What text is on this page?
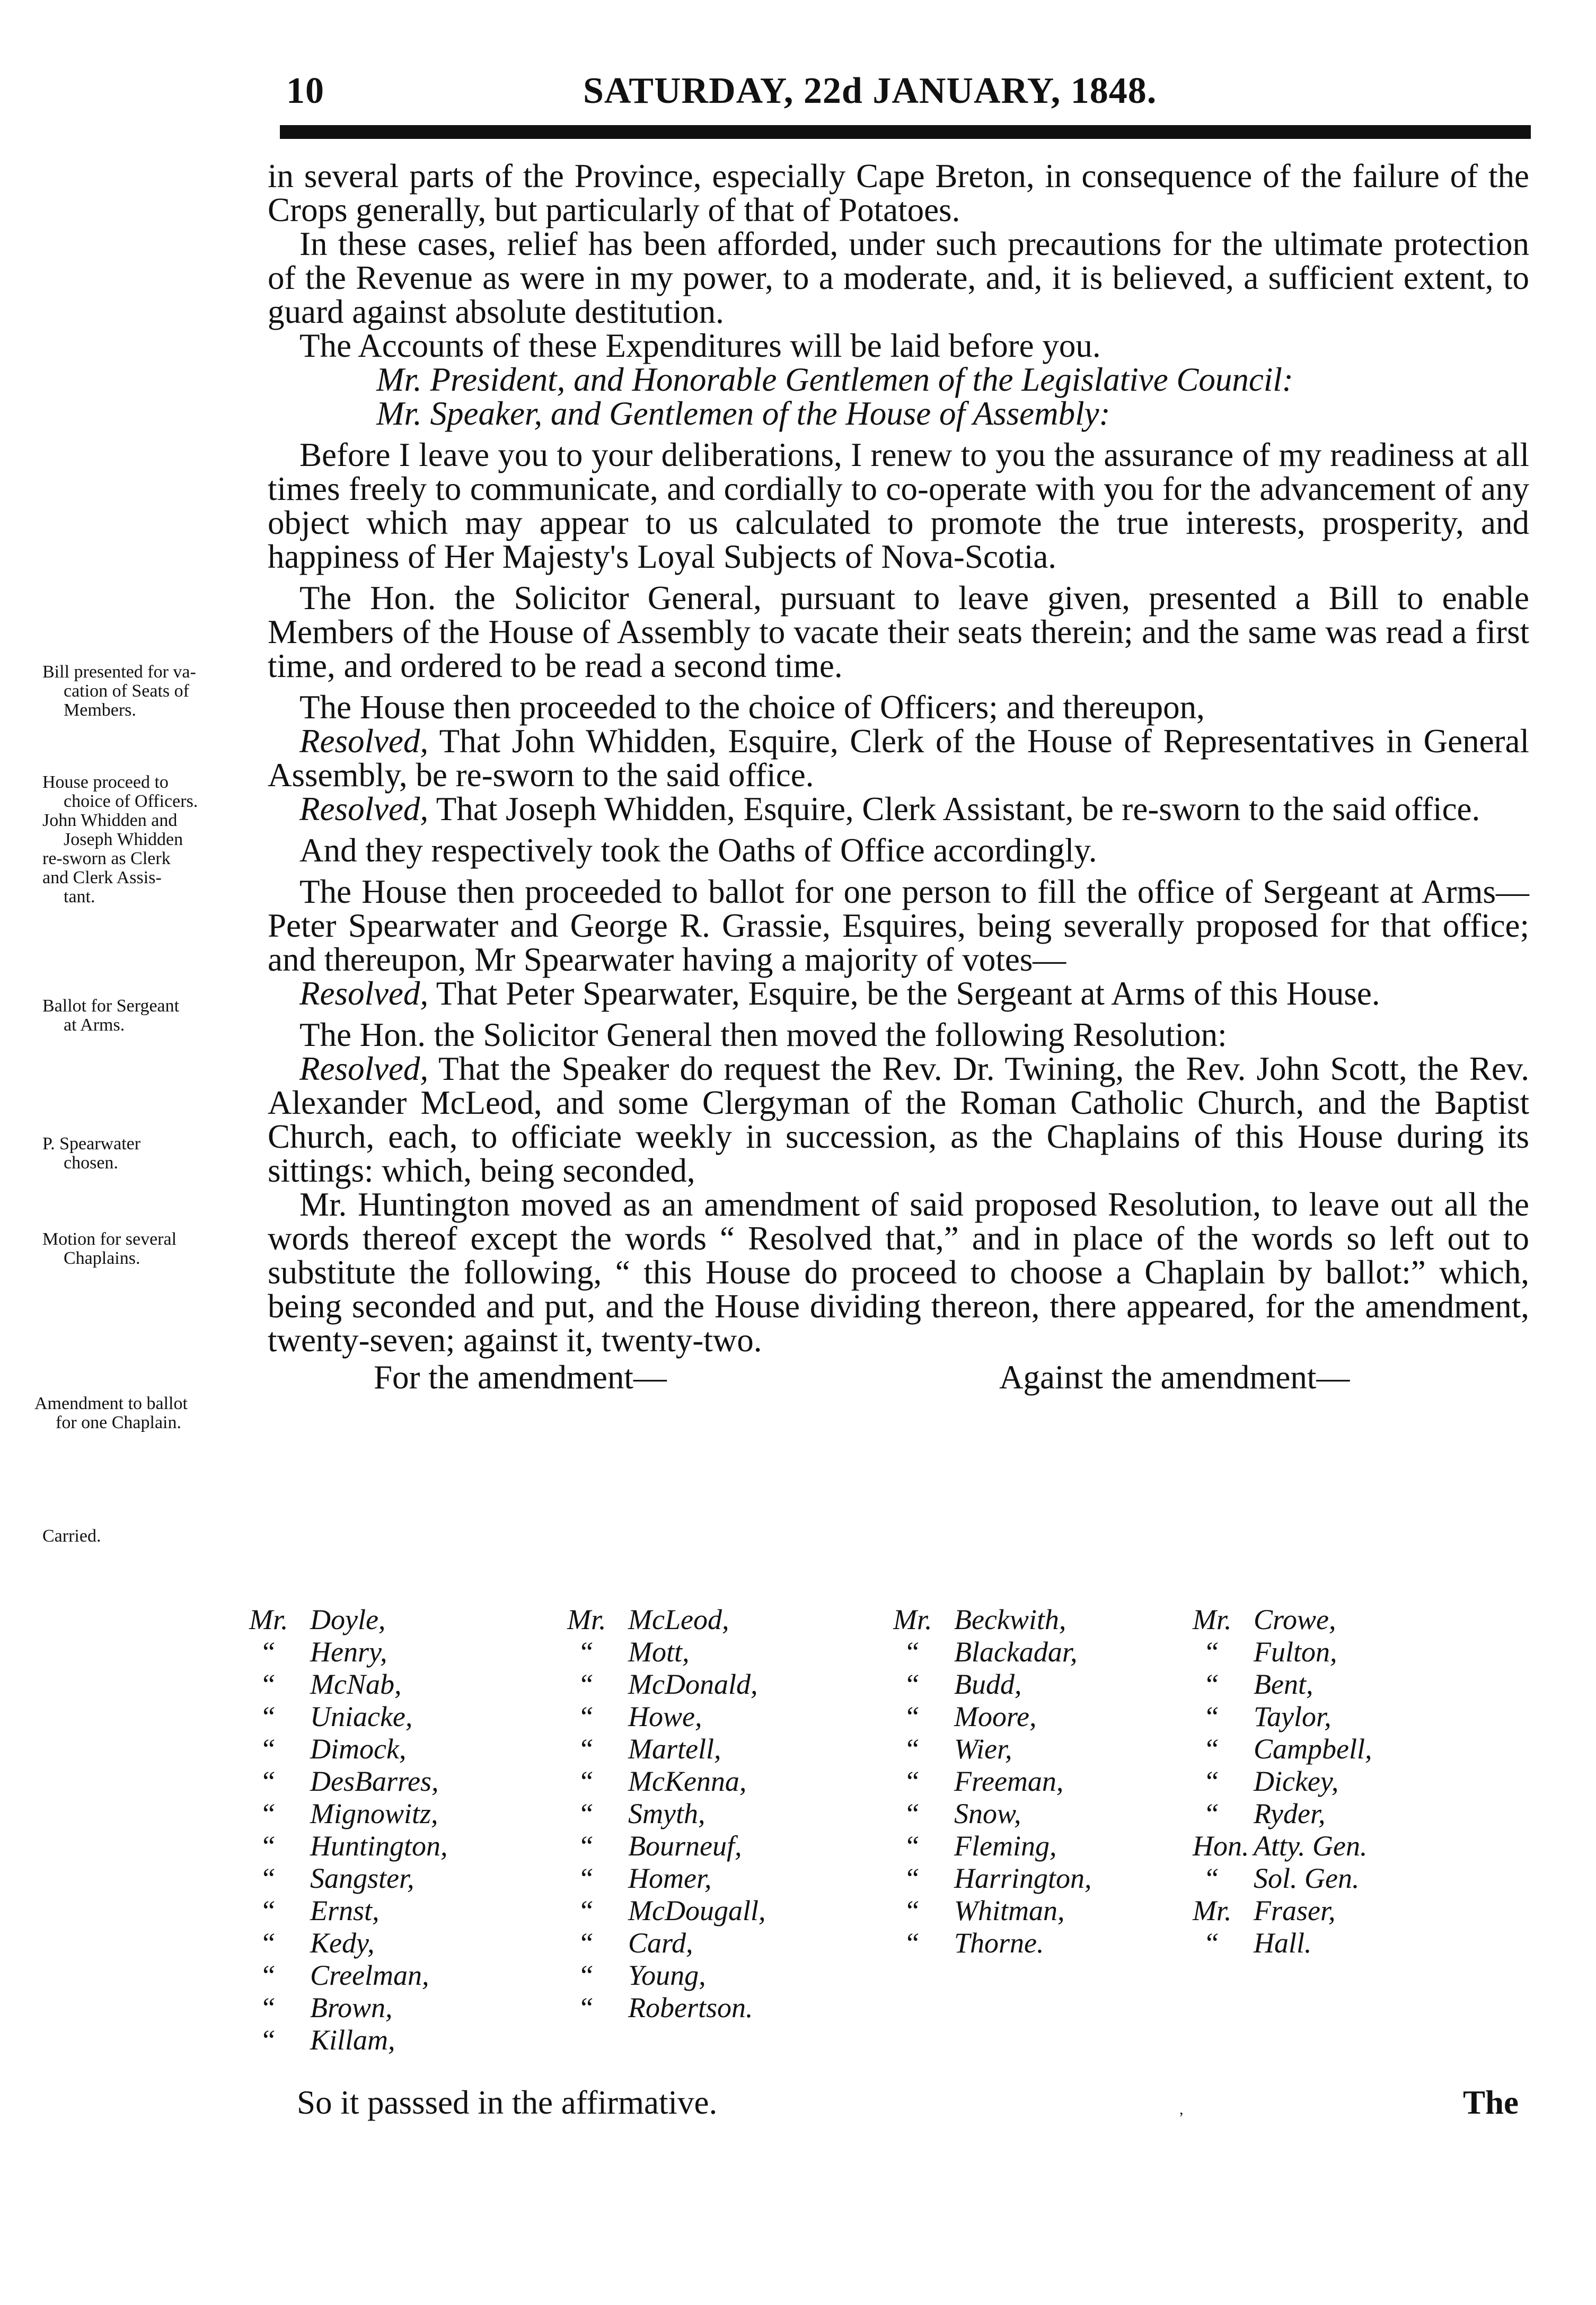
10	SATURDAY, 22d JANUARY, 1848.
Bill presented for va-
cation of Seats of
Members.
House proceed to
choice of Officers.
John Whidden and
Joseph Whidden
re-sworn as Clerk
and Clerk Assis-
tant.
Ballot for Sergeant
at Arms.
P. Spearwater
chosen.
Motion for several
Chaplains.
Amendment to ballot
for one Chaplain.
Carried.

in several parts of the Province, especially Cape Breton, in consequence of the failure of the Crops generally, but particularly of that of Potatoes.

In these cases, relief has been afforded, under such precautions for the ultimate protection of the Revenue as were in my power, to a moderate, and, it is believed, a sufficient extent, to guard against absolute destitution.

The Accounts of these Expenditures will be laid before you.

Mr. President, and Honorable Gentlemen of the Legislative Council:

Mr. Speaker, and Gentlemen of the House of Assembly:

Before I leave you to your deliberations, I renew to you the assurance of my readiness at all times freely to communicate, and cordially to co-operate with you for the advancement of any object which may appear to us calculated to promote the true interests, prosperity, and happiness of Her Majesty's Loyal Subjects of Nova-Scotia.

The Hon. the Solicitor General, pursuant to leave given, presented a Bill to enable Members of the House of Assembly to vacate their seats therein; and the same was read a first time, and ordered to be read a second time.

The House then proceeded to the choice of Officers; and thereupon,

Resolved, That John Whidden, Esquire, Clerk of the House of Representatives in General Assembly, be re-sworn to the said office.

Resolved, That Joseph Whidden, Esquire, Clerk Assistant, be re-sworn to the said office.

And they respectively took the Oaths of Office accordingly.

The House then proceeded to ballot for one person to fill the office of Sergeant at Arms—Peter Spearwater and George R. Grassie, Esquires, being severally proposed for that office; and thereupon, Mr Spearwater having a majority of votes—

Resolved, That Peter Spearwater, Esquire, be the Sergeant at Arms of this House.

The Hon. the Solicitor General then moved the following Resolution:

Resolved, That the Speaker do request the Rev. Dr. Twining, the Rev. John Scott, the Rev. Alexander McLeod, and some Clergyman of the Roman Catholic Church, and the Baptist Church, each, to officiate weekly in succession, as the Chaplains of this House during its sittings: which, being seconded,

Mr. Huntington moved as an amendment of said proposed Resolution, to leave out all the words thereof except the words “ Resolved that,” and in place of the words so left out to substitute the following, “ this House do proceed to choose a Chaplain by ballot:” which, being seconded and put, and the House dividing thereon, there appeared, for the amendment, twenty-seven; against it, twenty-two.

For the amendment—	Against the amendment—
Mr. Doyle,
“ Henry,
“ McNab,
“ Uniacke,
“ Dimock,
“ DesBarres,
“ Mignowitz,
“ Huntington,
“ Sangster,
“ Ernst,
“ Kedy,
“ Creelman,
“ Brown,
“ Killam,
Mr. McLeod,
“ Mott,
“ McDonald,
“ Howe,
“ Martell,
“ McKenna,
“ Smyth,
“ Bourneuf,
“ Homer,
“ McDougall,
“ Card,
“ Young,
“ Robertson.
Mr. Beckwith,
“ Blackadar,
“ Budd,
“ Moore,
“ Wier,
“ Freeman,
“ Snow,
“ Fleming,
“ Harrington,
“ Whitman,
“ Thorne.
Mr. Crowe,
“ Fulton,
“ Bent,
“ Taylor,
“ Campbell,
“ Dickey,
“ Ryder,
Hon. Atty. Gen.
“ Sol. Gen.
Mr. Fraser,
“ Hall.
So it passsed in the affirmative.	,	The
